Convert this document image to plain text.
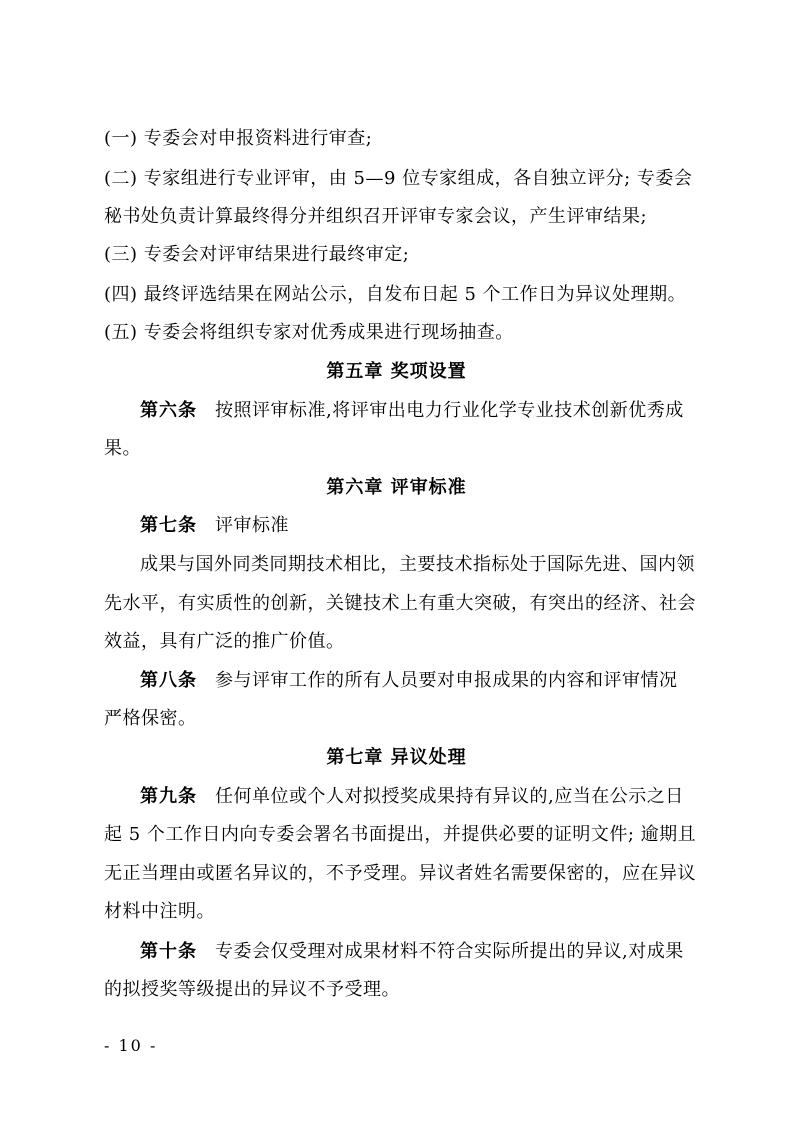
(一) 专委会对申报资料进行审查;
(二) 专家组进行专业评审，由 5—9 位专家组成，各自独立评分; 专委会
秘书处负责计算最终得分并组织召开评审专家会议，产生评审结果;
(三) 专委会对评审结果进行最终审定;
(四) 最终评选结果在网站公示，自发布日起 5 个工作日为异议处理期。
(五) 专委会将组织专家对优秀成果进行现场抽查。
第五章 奖项设置
第六条 按照评审标准,将评审出电力行业化学专业技术创新优秀成
果。
第六章 评审标准
第七条 评审标准
成果与国外同类同期技术相比，主要技术指标处于国际先进、国内领
先水平，有实质性的创新，关键技术上有重大突破，有突出的经济、社会
效益，具有广泛的推广价值。
第八条 参与评审工作的所有人员要对申报成果的内容和评审情况
严格保密。
第七章 异议处理
第九条 任何单位或个人对拟授奖成果持有异议的,应当在公示之日
起 5 个工作日内向专委会署名书面提出，并提供必要的证明文件; 逾期且
无正当理由或匿名异议的，不予受理。异议者姓名需要保密的，应在异议
材料中注明。
第十条 专委会仅受理对成果材料不符合实际所提出的异议,对成果
的拟授奖等级提出的异议不予受理。
- 10 -
